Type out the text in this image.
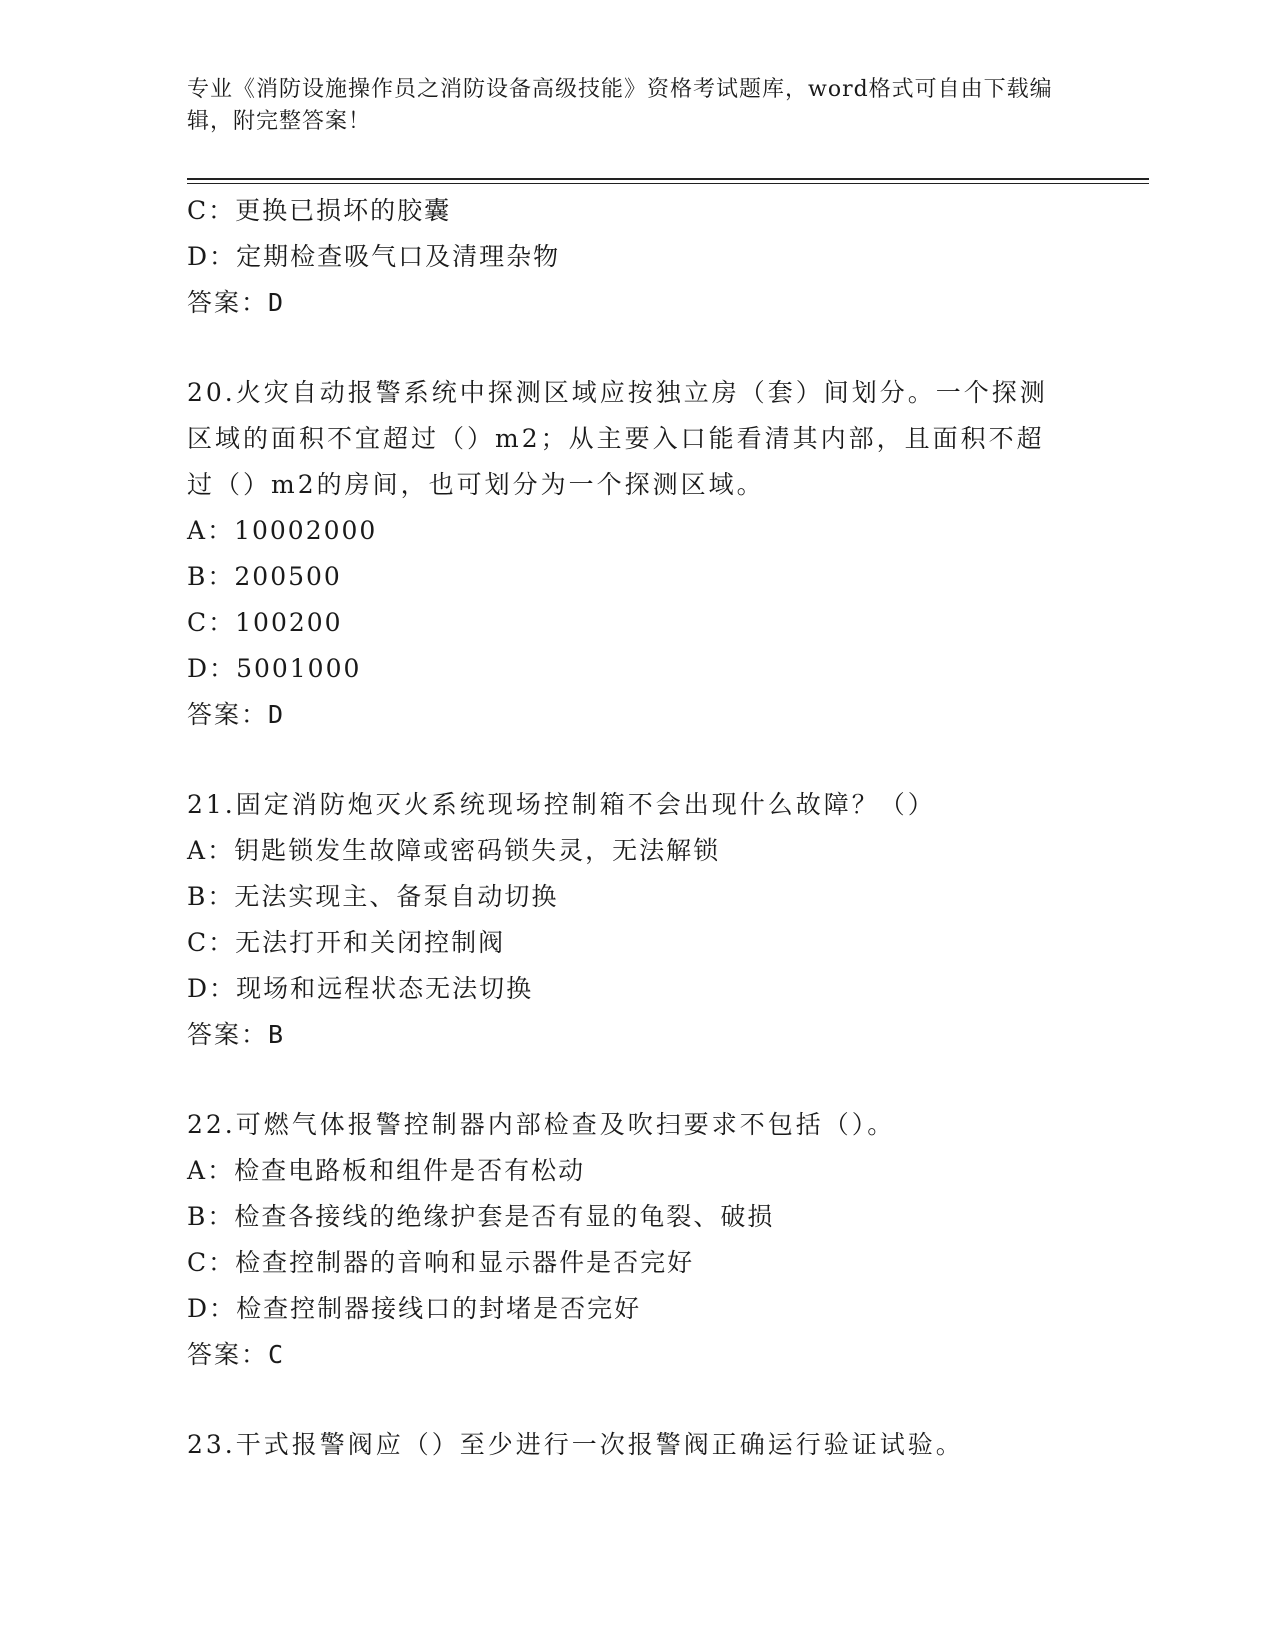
专业《消防设施操作员之消防设备高级技能》资格考试题库，word格式可自由下载编辑，附完整答案！
C：更换已损坏的胶囊
D：定期检查吸气口及清理杂物
答案：D
20.火灾自动报警系统中探测区域应按独立房（套）间划分。一个探测
区域的面积不宜超过（）m2；从主要入口能看清其内部，且面积不超
过（）m2的房间，也可划分为一个探测区域。
A：10002000
B：200500
C：100200
D：5001000
答案：D
21.固定消防炮灭火系统现场控制箱不会出现什么故障？（）
A：钥匙锁发生故障或密码锁失灵，无法解锁
B：无法实现主、备泵自动切换
C：无法打开和关闭控制阀
D：现场和远程状态无法切换
答案：B
22.可燃气体报警控制器内部检查及吹扫要求不包括（）。
A：检查电路板和组件是否有松动
B：检查各接线的绝缘护套是否有显的龟裂、破损
C：检查控制器的音响和显示器件是否完好
D：检查控制器接线口的封堵是否完好
答案：C
23.干式报警阀应（）至少进行一次报警阀正确运行验证试验。
